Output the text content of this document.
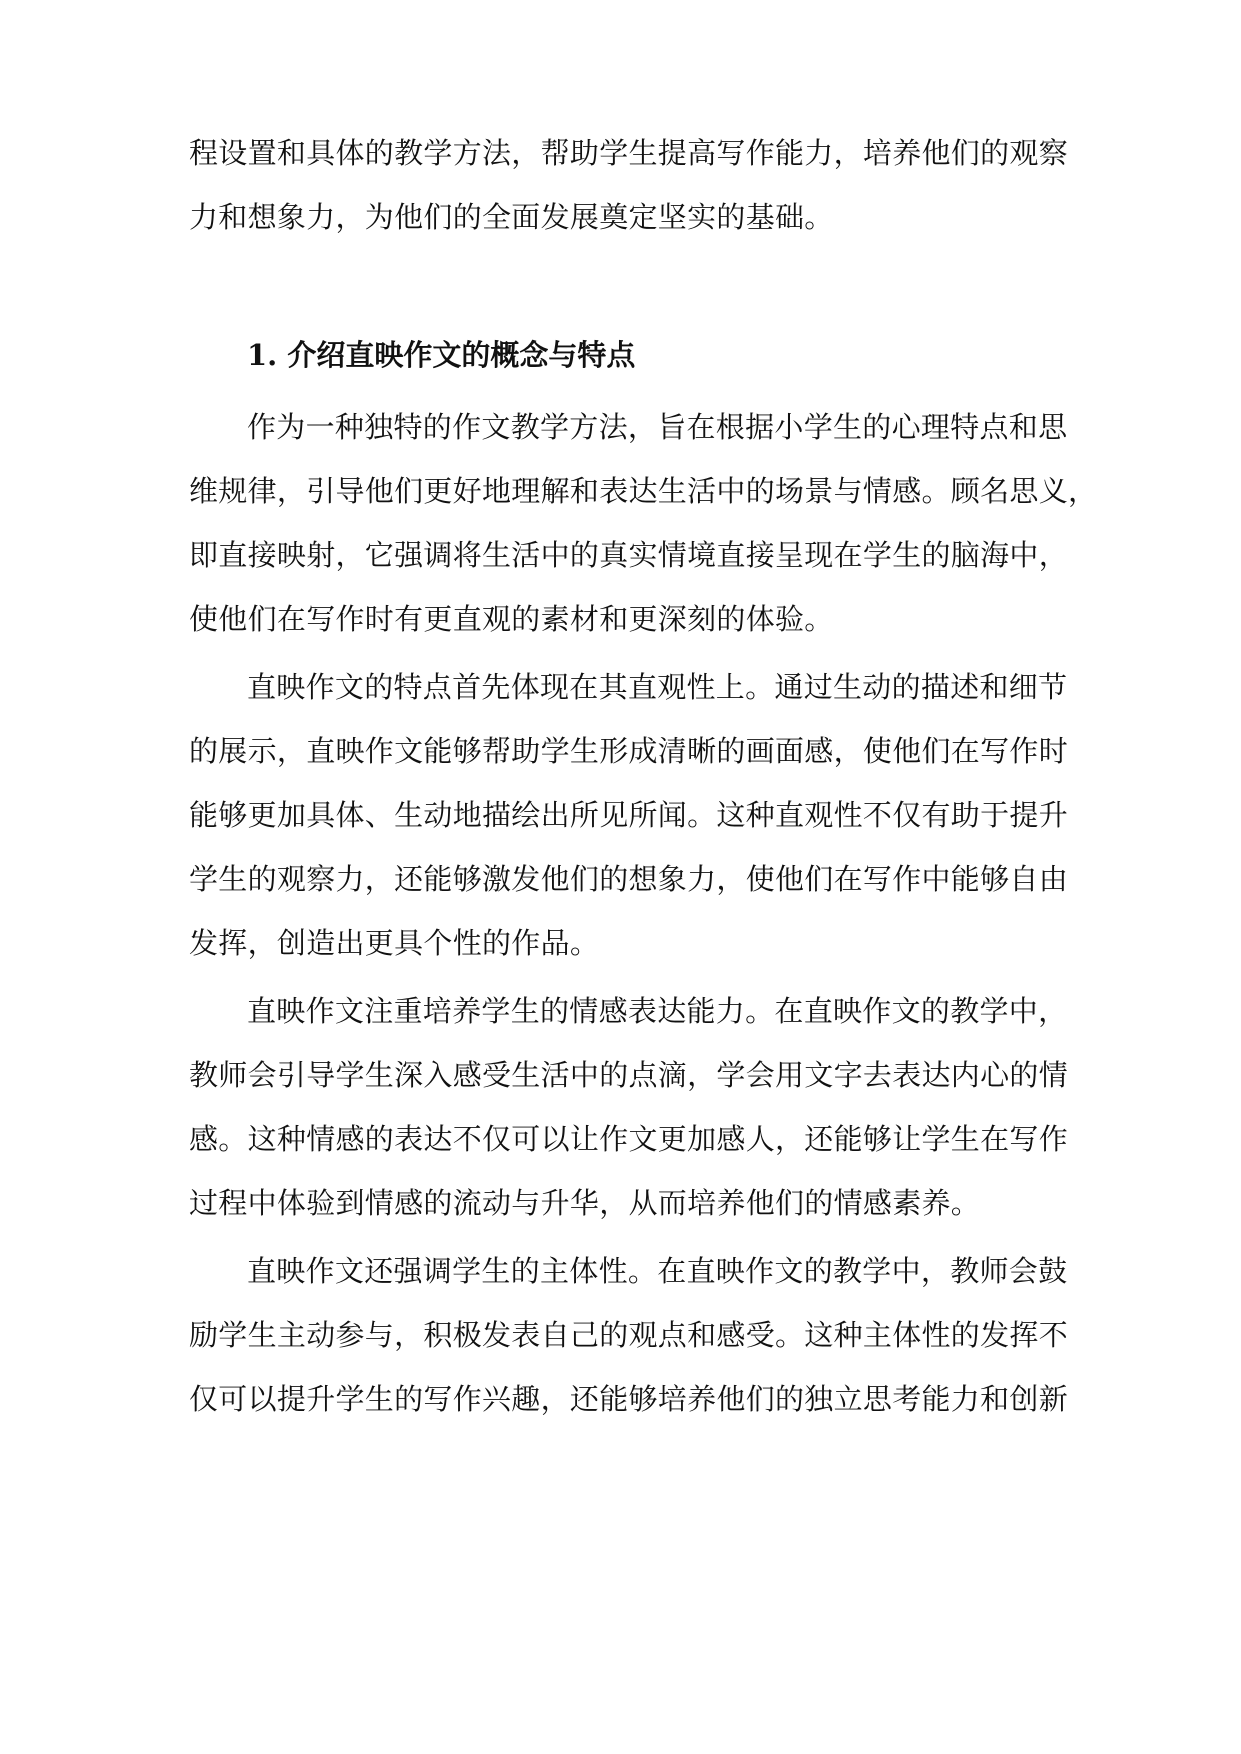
程设置和具体的教学方法，帮助学生提高写作能力，培养他们的观察
力和想象力，为他们的全面发展奠定坚实的基础。
1. 介绍直映作文的概念与特点
作为一种独特的作文教学方法，旨在根据小学生的心理特点和思
维规律，引导他们更好地理解和表达生活中的场景与情感。顾名思义，
即直接映射，它强调将生活中的真实情境直接呈现在学生的脑海中，
使他们在写作时有更直观的素材和更深刻的体验。
直映作文的特点首先体现在其直观性上。通过生动的描述和细节
的展示，直映作文能够帮助学生形成清晰的画面感，使他们在写作时
能够更加具体、生动地描绘出所见所闻。这种直观性不仅有助于提升
学生的观察力，还能够激发他们的想象力，使他们在写作中能够自由
发挥，创造出更具个性的作品。
直映作文注重培养学生的情感表达能力。在直映作文的教学中，
教师会引导学生深入感受生活中的点滴，学会用文字去表达内心的情
感。这种情感的表达不仅可以让作文更加感人，还能够让学生在写作
过程中体验到情感的流动与升华，从而培养他们的情感素养。
直映作文还强调学生的主体性。在直映作文的教学中，教师会鼓
励学生主动参与，积极发表自己的观点和感受。这种主体性的发挥不
仅可以提升学生的写作兴趣，还能够培养他们的独立思考能力和创新
